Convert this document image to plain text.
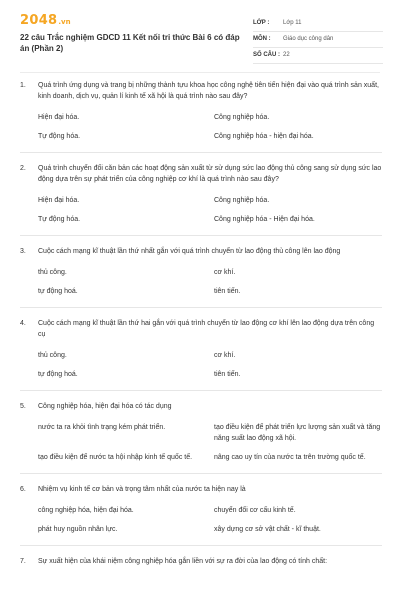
2048.vn
22 câu Trắc nghiệm GDCD 11 Kết nối tri thức Bài 6 có đáp án (Phần 2)
LỚP : Lớp 11
MÔN : Giáo dục công dân
SỐ CÂU : 22
1.	Quá trình ứng dụng và trang bị những thành tựu khoa học công nghệ tiên tiến hiện đại vào quá trình sản xuất, kinh doanh, dịch vụ, quản lí kinh tế xã hội là quá trình nào sau đây?
Hiện đại hóa.	Công nghiệp hóa.
Tự động hóa.	Công nghiệp hóa - hiện đại hóa.
2.	Quá trình chuyển đổi căn bản các hoạt động sản xuất từ sử dụng sức lao động thủ công sang sử dụng sức lao động dựa trên sự phát triển của công nghiệp cơ khí là quá trình nào sau đây?
Hiện đại hóa.	Công nghiệp hóa.
Tự động hóa.	Công nghiệp hóa - Hiện đại hóa.
3.	Cuộc cách mạng kĩ thuật lần thứ nhất gắn với quá trình chuyển từ lao động thủ công lên lao động
thủ công.	cơ khí.
tự động hoá.	tiên tiến.
4.	Cuộc cách mạng kĩ thuật lần thứ hai gắn với quá trình chuyển từ lao động cơ khí lên lao động dựa trên công cụ
thủ công.	cơ khí.
tự động hoá.	tiên tiến.
5.	Công nghiệp hóa, hiện đại hóa có tác dụng
nước ta ra khỏi tình trạng kém phát triển.	tạo điều kiện để phát triển lực lượng sản xuất và tăng năng suất lao động xã hội.
tạo điều kiện để nước ta hội nhập kinh tế quốc tế.	nâng cao uy tín của nước ta trên trường quốc tế.
6.	Nhiệm vụ kinh tế cơ bản và trọng tâm nhất của nước ta hiện nay là
công nghiệp hóa, hiện đại hóa.	chuyển đổi cơ cấu kinh tế.
phát huy nguồn nhân lực.	xây dựng cơ sở vật chất - kĩ thuật.
7.	Sự xuất hiện của khái niệm công nghiệp hóa gắn liền với sự ra đời của lao động có tính chất:
